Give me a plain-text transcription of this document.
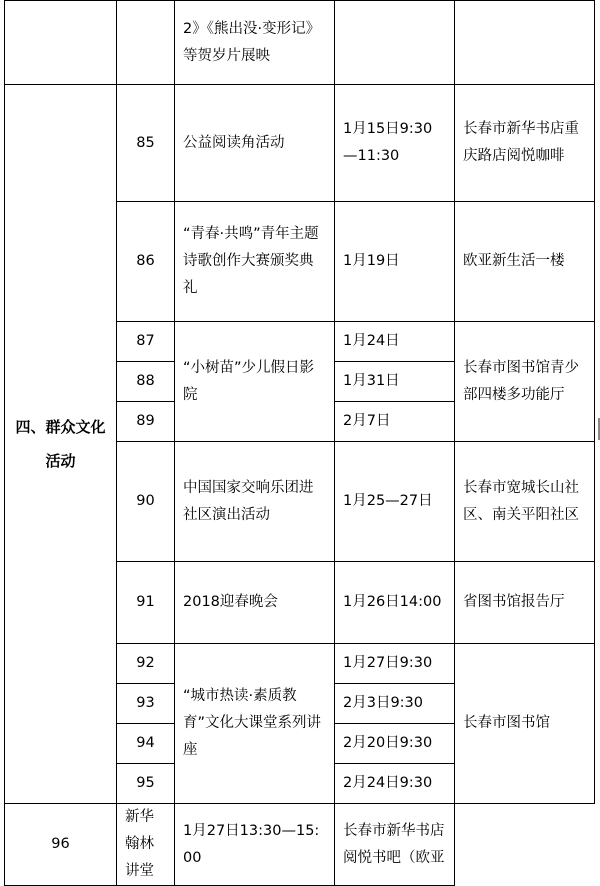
		2》《熊出没·变形记》等贺岁片展映		
四、群众文化活动	85	公益阅读角活动	1月15日9:30—11:30	长春市新华书店重庆路店阅悦咖啡
	86	“青春·共鸣”青年主题诗歌创作大赛颁奖典礼	1月19日	欧亚新生活一楼
	87	“小树苗”少儿假日影院	1月24日	长春市图书馆青少部四楼多功能厅
	88		1月31日	
	89		2月7日	
	90	中国国家交响乐团进社区演出活动	1月25—27日	长春市宽城长山社区、南关平阳社区
	91	2018迎春晚会	1月26日14:00	省图书馆报告厅
	92	“城市热读·素质教育”文化大课堂系列讲座	1月27日9:30	长春市图书馆
	93		2月3日9:30	
	94		2月20日9:30	
	95		2月24日9:30	
96	新华翰林讲堂	1月27日13:30—15:00	长春市新华书店阅悦书吧（欧亚	
